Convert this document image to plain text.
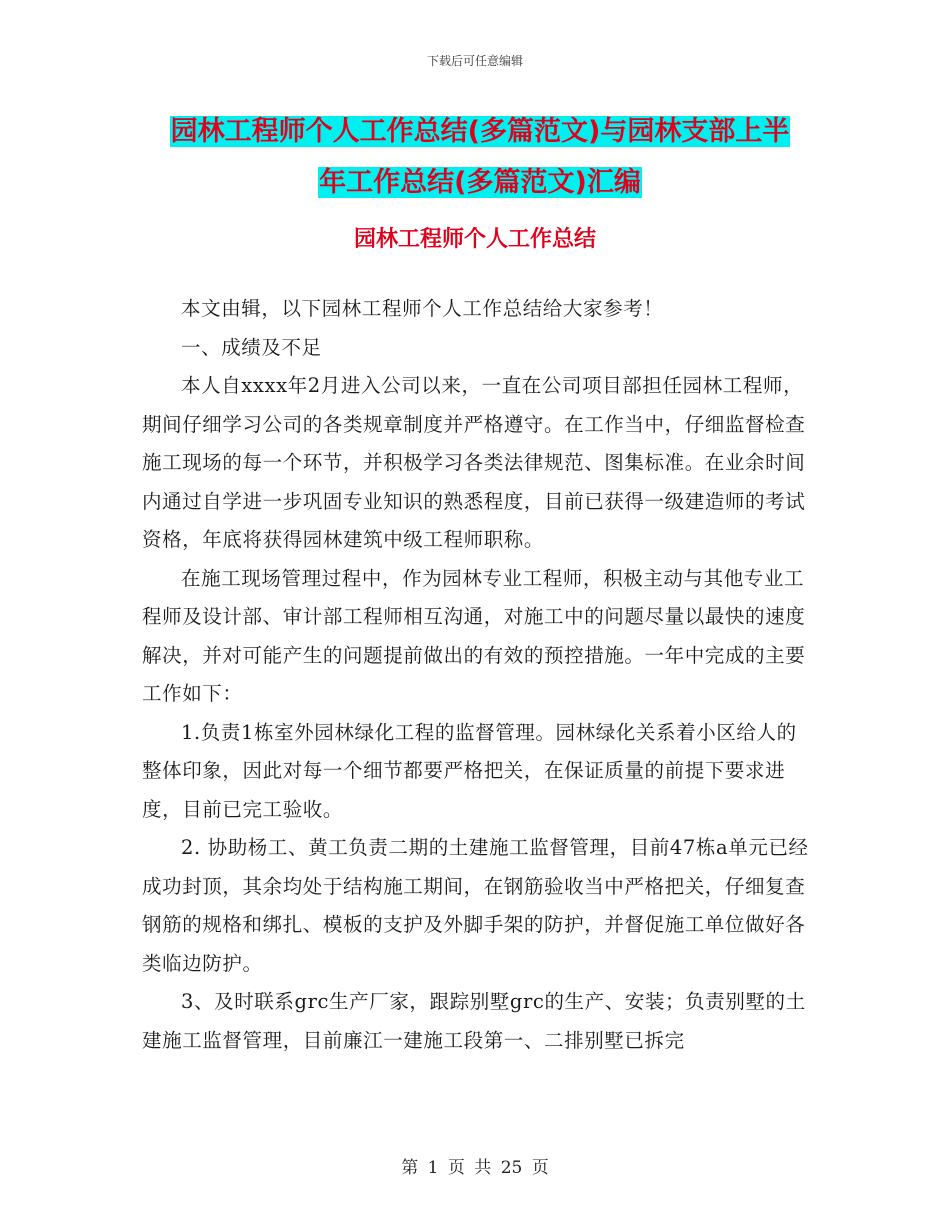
下载后可任意编辑
园林工程师个人工作总结(多篇范文)与园林支部上半
年工作总结(多篇范文)汇编
园林工程师个人工作总结

本文由辑，以下园林工程师个人工作总结给大家参考！

一、成绩及不足

本人自xxxx年2月进入公司以来，一直在公司项目部担任园林工程师，期间仔细学习公司的各类规章制度并严格遵守。在工作当中，仔细监督检查施工现场的每一个环节，并积极学习各类法律规范、图集标准。在业余时间内通过自学进一步巩固专业知识的熟悉程度，目前已获得一级建造师的考试资格，年底将获得园林建筑中级工程师职称。

在施工现场管理过程中，作为园林专业工程师，积极主动与其他专业工程师及设计部、审计部工程师相互沟通，对施工中的问题尽量以最快的速度解决，并对可能产生的问题提前做出的有效的预控措施。一年中完成的主要工作如下：

1.负责1栋室外园林绿化工程的监督管理。园林绿化关系着小区给人的整体印象，因此对每一个细节都要严格把关，在保证质量的前提下要求进度，目前已完工验收。

2. 协助杨工、黄工负责二期的土建施工监督管理，目前47栋a单元已经成功封顶，其余均处于结构施工期间，在钢筋验收当中严格把关，仔细复查钢筋的规格和绑扎、模板的支护及外脚手架的防护，并督促施工单位做好各类临边防护。

3、及时联系grc生产厂家，跟踪别墅grc的生产、安装；负责别墅的土建施工监督管理，目前廉江一建施工段第一、二排别墅已拆完

第 1 页 共 25 页
